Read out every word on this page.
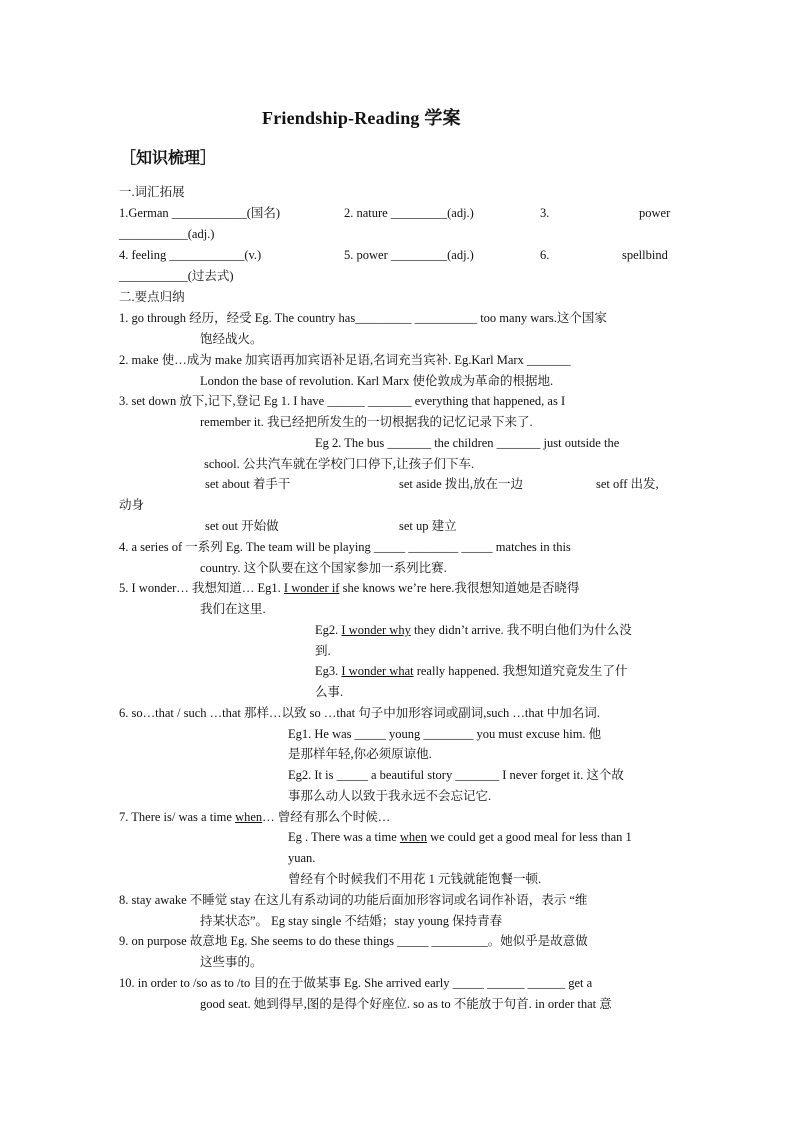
Friendship-Reading 学案
［知识梳理］
一.词汇拓展
1.German ____________(国名)	2. nature _________(adj.)	3.	power
___________(adj.)
4. feeling ____________(v.)	5. power _________(adj.)	6.	spellbind
___________(过去式)
二.要点归纳
1. go through 经历，经受 Eg. The country has_________ __________ too many wars.这个国家
饱经战火。
2. make 使…成为 make 加宾语再加宾语补足语,名词充当宾补. Eg.Karl Marx _______
London the base of revolution. Karl Marx 使伦敦成为革命的根据地.
3. set down 放下,记下,登记 Eg 1. I have ______ _______ everything that happened, as I
remember it. 我已经把所发生的一切根据我的记忆记录下来了.
Eg 2. The bus _______ the children _______ just outside the
school. 公共汽车就在学校门口停下,让孩子们下车.
set about 着手干	set aside 拨出,放在一边	set off 出发,
动身
set out 开始做	set up 建立
4. a series of 一系列 Eg. The team will be playing _____ ________ _____ matches in this
country. 这个队要在这个国家参加一系列比赛.
5. I wonder… 我想知道… Eg1. I wonder if she knows we’re here.我很想知道她是否晓得
我们在这里.
Eg2. I wonder why they didn’t arrive. 我不明白他们为什么没
到.
Eg3. I wonder what really happened. 我想知道究竟发生了什
么事.
6. so…that / such …that 那样…以致 so …that 句子中加形容词或副词,such …that 中加名词.
Eg1. He was _____ young ________ you must excuse him. 他
是那样年轻,你必须原谅他.
Eg2. It is _____ a beautiful story _______ I never forget it. 这个故
事那么动人以致于我永远不会忘记它.
7. There is/ was a time when… 曾经有那么个时候…
Eg . There was a time when we could get a good meal for less than 1
yuan.
曾经有个时候我们不用花 1 元钱就能饱餐一顿.
8. stay awake 不睡觉 stay 在这儿有系动词的功能后面加形容词或名词作补语，表示 “维
持某状态”。 Eg stay single 不结婚；stay young 保持青春
9. on purpose 故意地 Eg. She seems to do these things _____ _________。她似乎是故意做
这些事的。
10. in order to /so as to /to 目的在于做某事 Eg. She arrived early _____ ______ ______ get a
good seat. 她到得早,图的是得个好座位. so as to 不能放于句首. in order that 意
